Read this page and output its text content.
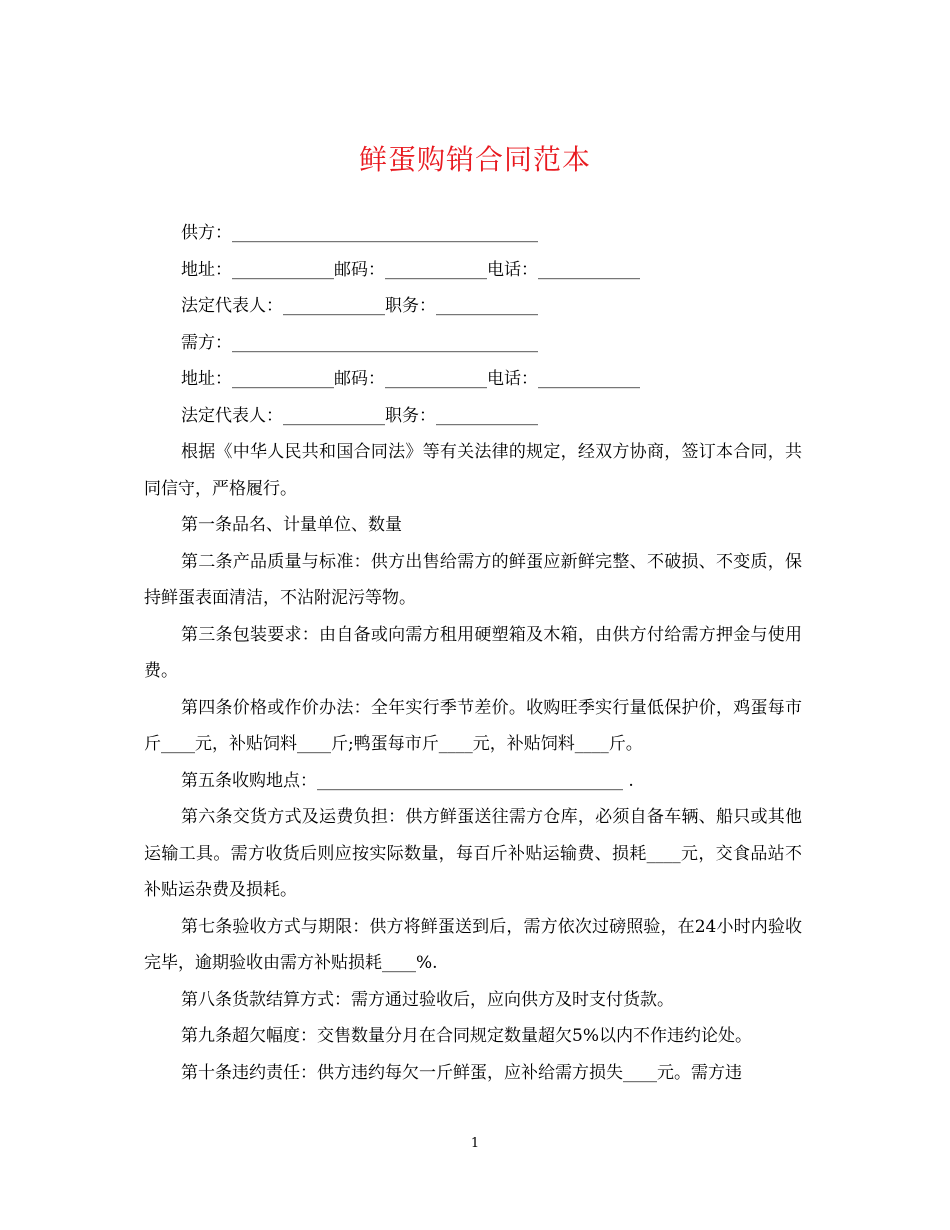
鲜蛋购销合同范本

供方：____________________________________

地址：____________邮码：____________电话：____________

法定代表人：____________职务：____________

需方：____________________________________

地址：____________邮码：____________电话：____________

法定代表人：____________职务：____________

根据《中华人民共和国合同法》等有关法律的规定，经双方协商，签订本合同，共同信守，严格履行。

第一条品名、计量单位、数量

第二条产品质量与标准：供方出售给需方的鲜蛋应新鲜完整、不破损、不变质，保持鲜蛋表面清洁，不沾附泥污等物。

第三条包装要求：由自备或向需方租用硬塑箱及木箱，由供方付给需方押金与使用费。

第四条价格或作价办法：全年实行季节差价。收购旺季实行量低保护价，鸡蛋每市斤____元，补贴饲料____斤;鸭蛋每市斤____元，补贴饲料____斤。

第五条收购地点：____________________________________ .

第六条交货方式及运费负担：供方鲜蛋送往需方仓库，必须自备车辆、船只或其他运输工具。需方收货后则应按实际数量，每百斤补贴运输费、损耗____元，交食品站不补贴运杂费及损耗。

第七条验收方式与期限：供方将鲜蛋送到后，需方依次过磅照验，在24小时内验收完毕，逾期验收由需方补贴损耗____%.

第八条货款结算方式：需方通过验收后，应向供方及时支付货款。

第九条超欠幅度：交售数量分月在合同规定数量超欠5%以内不作违约论处。

第十条违约责任：供方违约每欠一斤鲜蛋，应补给需方损失____元。需方违

1
